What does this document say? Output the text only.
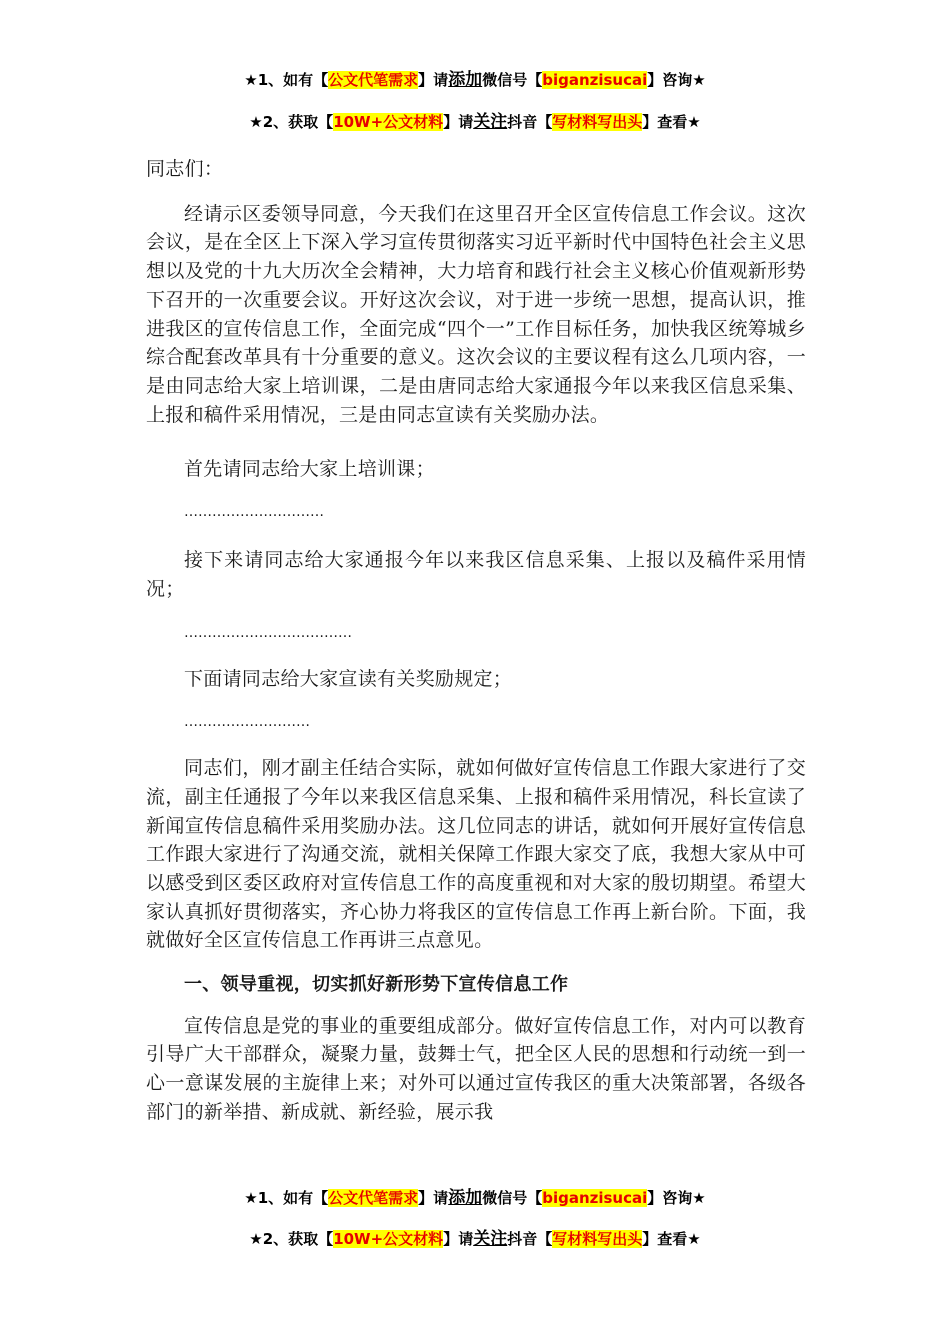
★1、如有【公文代笔需求】请添加微信号【biganzisucai】咨询★
★2、获取【10W+公文材料】请关注抖音【写材料写出头】查看★

同志们：

经请示区委领导同意，今天我们在这里召开全区宣传信息工作会议。这次会议，是在全区上下深入学习宣传贯彻落实习近平新时代中国特色社会主义思想以及党的十九大历次全会精神，大力培育和践行社会主义核心价值观新形势下召开的一次重要会议。开好这次会议，对于进一步统一思想，提高认识，推进我区的宣传信息工作，全面完成“四个一”工作目标任务，加快我区统筹城乡综合配套改革具有十分重要的意义。这次会议的主要议程有这么几项内容，一是由同志给大家上培训课，二是由唐同志给大家通报今年以来我区信息采集、上报和稿件采用情况，三是由同志宣读有关奖励办法。

首先请同志给大家上培训课；

…………………………

接下来请同志给大家通报今年以来我区信息采集、上报以及稿件采用情况；

………………………………

下面请同志给大家宣读有关奖励规定；

………………………

同志们，刚才副主任结合实际，就如何做好宣传信息工作跟大家进行了交流，副主任通报了今年以来我区信息采集、上报和稿件采用情况，科长宣读了新闻宣传信息稿件采用奖励办法。这几位同志的讲话，就如何开展好宣传信息工作跟大家进行了沟通交流，就相关保障工作跟大家交了底，我想大家从中可以感受到区委区政府对宣传信息工作的高度重视和对大家的殷切期望。希望大家认真抓好贯彻落实，齐心协力将我区的宣传信息工作再上新台阶。下面，我就做好全区宣传信息工作再讲三点意见。

一、领导重视，切实抓好新形势下宣传信息工作

宣传信息是党的事业的重要组成部分。做好宣传信息工作，对内可以教育引导广大干部群众，凝聚力量，鼓舞士气，把全区人民的思想和行动统一到一心一意谋发展的主旋律上来；对外可以通过宣传我区的重大决策部署，各级各部门的新举措、新成就、新经验，展示我

★1、如有【公文代笔需求】请添加微信号【biganzisucai】咨询★
★2、获取【10W+公文材料】请关注抖音【写材料写出头】查看★
